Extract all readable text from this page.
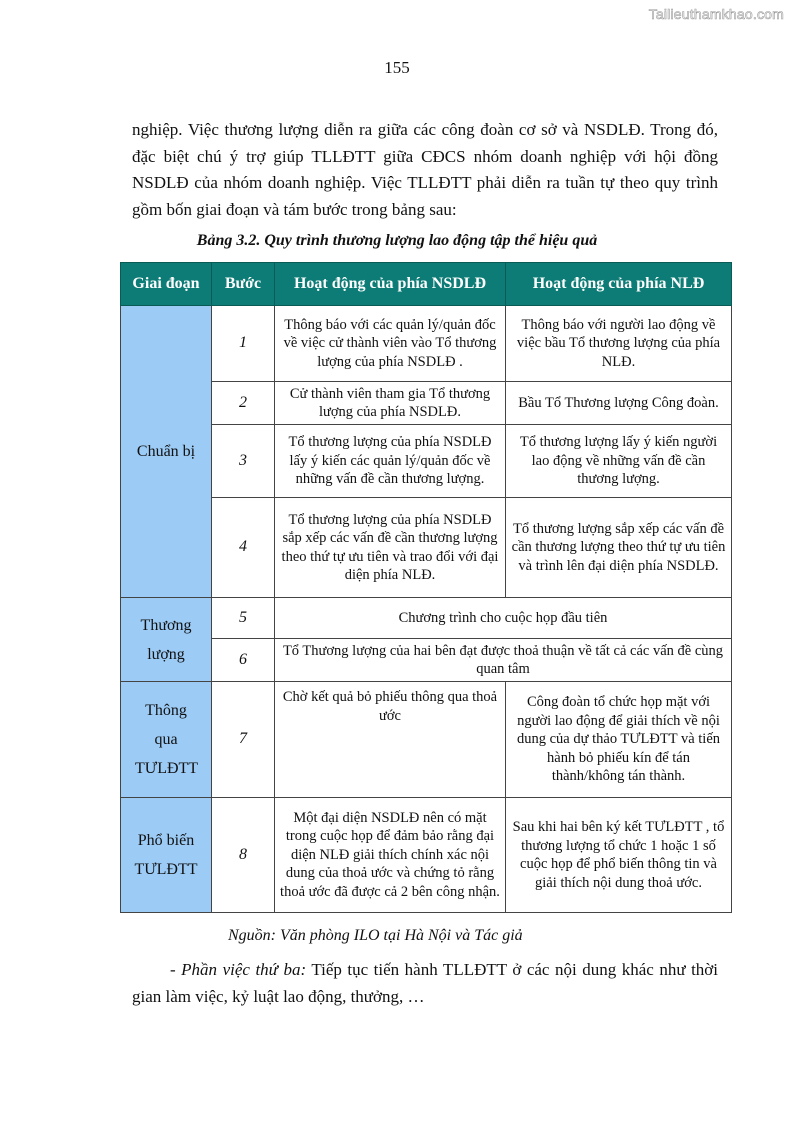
Tailieuthamkhao.com
155
nghiệp. Việc thương lượng diễn ra giữa các công đoàn cơ sở và NSDLĐ. Trong đó, đặc biệt chú ý trợ giúp TLLĐTT giữa CĐCS nhóm doanh nghiệp với hội đồng NSDLĐ của nhóm doanh nghiệp. Việc TLLĐTT phải diễn ra tuần tự theo quy trình gồm bốn giai đoạn và tám bước trong bảng sau:
Bảng 3.2. Quy trình thương lượng lao động tập thể hiệu quả
Giai đoạn	Bước	Hoạt động của phía NSDLĐ	Hoạt động của phía NLĐ
Chuẩn bị	1	Thông báo với các quản lý/quản đốc về việc cử thành viên vào Tổ thương lượng của phía NSDLĐ .	Thông báo với người lao động về việc bầu Tổ thương lượng của phía NLĐ.
	2	Cử thành viên tham gia Tổ thương lượng của phía NSDLĐ.	Bầu Tổ Thương lượng Công đoàn.
	3	Tổ thương lượng của phía NSDLĐ lấy ý kiến các quản lý/quản đốc về những vấn đề cần thương lượng.	Tổ thương lượng lấy ý kiến người lao động về những vấn đề cần thương lượng.
	4	Tổ thương lượng của phía NSDLĐ sắp xếp các vấn đề cần thương lượng theo thứ tự ưu tiên và trao đổi với đại diện phía NLĐ.	Tổ thương lượng sắp xếp các vấn đề cần thương lượng theo thứ tự ưu tiên và trình lên đại diện phía NSDLĐ.
Thương lượng	5	Chương trình cho cuộc họp đầu tiên	
	6	Tổ Thương lượng của hai bên đạt được thoả thuận về tất cả các vấn đề cùng quan tâm	
Thông qua TƯLĐTT	7	Chờ kết quả bỏ phiếu thông qua thoả ước	Công đoàn tổ chức họp mặt với người lao động để giải thích về nội dung của dự thảo TƯLĐTT và tiến hành bỏ phiếu kín để tán thành/không tán thành.
Phổ biến TƯLĐTT	8	Một đại diện NSDLĐ nên có mặt trong cuộc họp để đảm bảo rằng đại diện NLĐ giải thích chính xác nội dung của thoả ước và chứng tỏ rằng thoả ước đã được cả 2 bên công nhận.	Sau khi hai bên ký kết TƯLĐTT , tổ thương lượng tổ chức 1 hoặc 1 số cuộc họp để phổ biến thông tin và giải thích nội dung thoả ước.
Nguồn: Văn phòng ILO tại Hà Nội và Tác giả
- Phần việc thứ ba: Tiếp tục tiến hành TLLĐTT ở các nội dung khác như thời gian làm việc, kỷ luật lao động, thưởng, …
